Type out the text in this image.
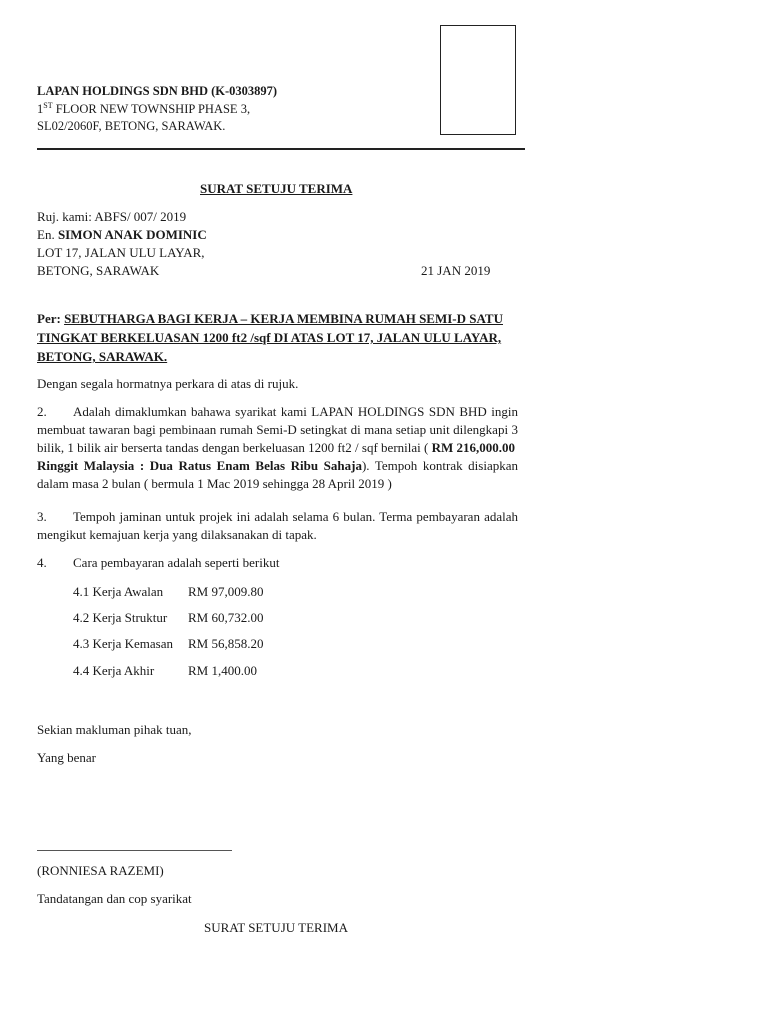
LAPAN HOLDINGS SDN BHD (K-0303897)
1ST FLOOR NEW TOWNSHIP PHASE 3,
SL02/2060F, BETONG, SARAWAK.
SURAT SETUJU TERIMA
Ruj. kami: ABFS/ 007/ 2019
En. SIMON ANAK DOMINIC
LOT 17, JALAN ULU LAYAR,
BETONG, SARAWAK	21 JAN 2019
Per: SEBUTHARGA BAGI KERJA – KERJA MEMBINA RUMAH SEMI-D SATU TINGKAT BERKELUASAN 1200 ft2 /sqf DI ATAS LOT 17, JALAN ULU LAYAR, BETONG, SARAWAK.
Dengan segala hormatnya perkara di atas di rujuk.
2. Adalah dimaklumkan bahawa syarikat kami LAPAN HOLDINGS SDN BHD ingin membuat tawaran bagi pembinaan rumah Semi-D setingkat di mana setiap unit dilengkapi 3 bilik, 1 bilik air berserta tandas dengan berkeluasan 1200 ft2 / sqf bernilai ( RM 216,000.00
Ringgit Malaysia : Dua Ratus Enam Belas Ribu Sahaja). Tempoh kontrak disiapkan dalam masa 2 bulan ( bermula 1 Mac 2019 sehingga 28 April 2019 )
3. Tempoh jaminan untuk projek ini adalah selama 6 bulan. Terma pembayaran adalah mengikut kemajuan kerja yang dilaksanakan di tapak.
4. Cara pembayaran adalah seperti berikut
4.1 Kerja Awalan RM 97,009.80
4.2 Kerja Struktur RM 60,732.00
4.3 Kerja Kemasan RM 56,858.20
4.4 Kerja Akhir	RM 1,400.00
Sekian makluman pihak tuan,
Yang benar
(RONNIESA RAZEMI)
Tandatangan dan cop syarikat
SURAT SETUJU TERIMA
